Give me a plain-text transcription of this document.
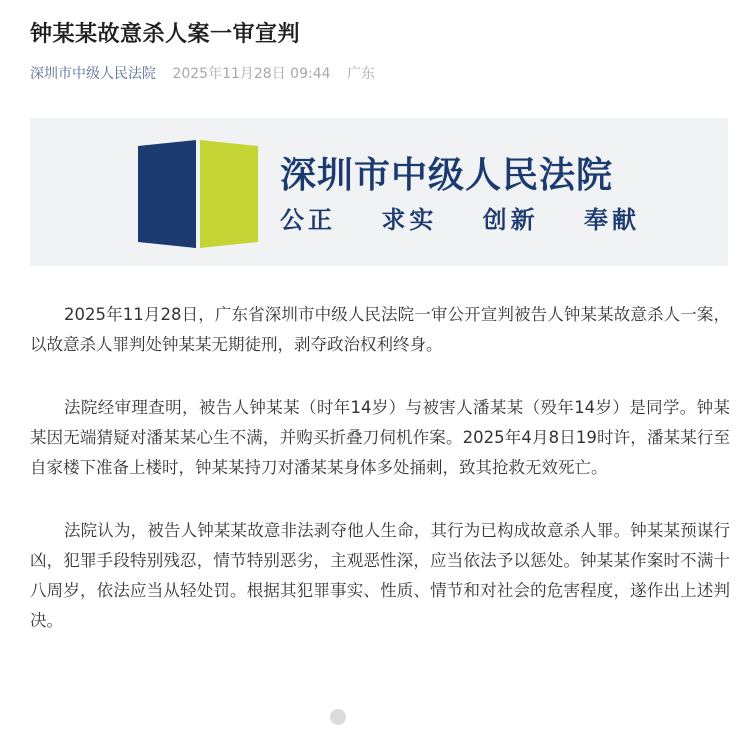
钟某某故意杀人案一审宣判
深圳市中级人民法院 2025年11月28日 09:44 广东
深圳市中级人民法院
公正 求实 创新 奉献

2025年11月28日，广东省深圳市中级人民法院一审公开宣判被告人钟某某故意杀人一案，以故意杀人罪判处钟某某无期徒刑，剥夺政治权利终身。

法院经审理查明，被告人钟某某（时年14岁）与被害人潘某某（殁年14岁）是同学。钟某某因无端猜疑对潘某某心生不满，并购买折叠刀伺机作案。2025年4月8日19时许，潘某某行至自家楼下准备上楼时，钟某某持刀对潘某某身体多处捅刺，致其抢救无效死亡。

法院认为，被告人钟某某故意非法剥夺他人生命，其行为已构成故意杀人罪。钟某某预谋行凶，犯罪手段特别残忍，情节特别恶劣，主观恶性深，应当依法予以惩处。钟某某作案时不满十八周岁，依法应当从轻处罚。根据其犯罪事实、性质、情节和对社会的危害程度，遂作出上述判决。
